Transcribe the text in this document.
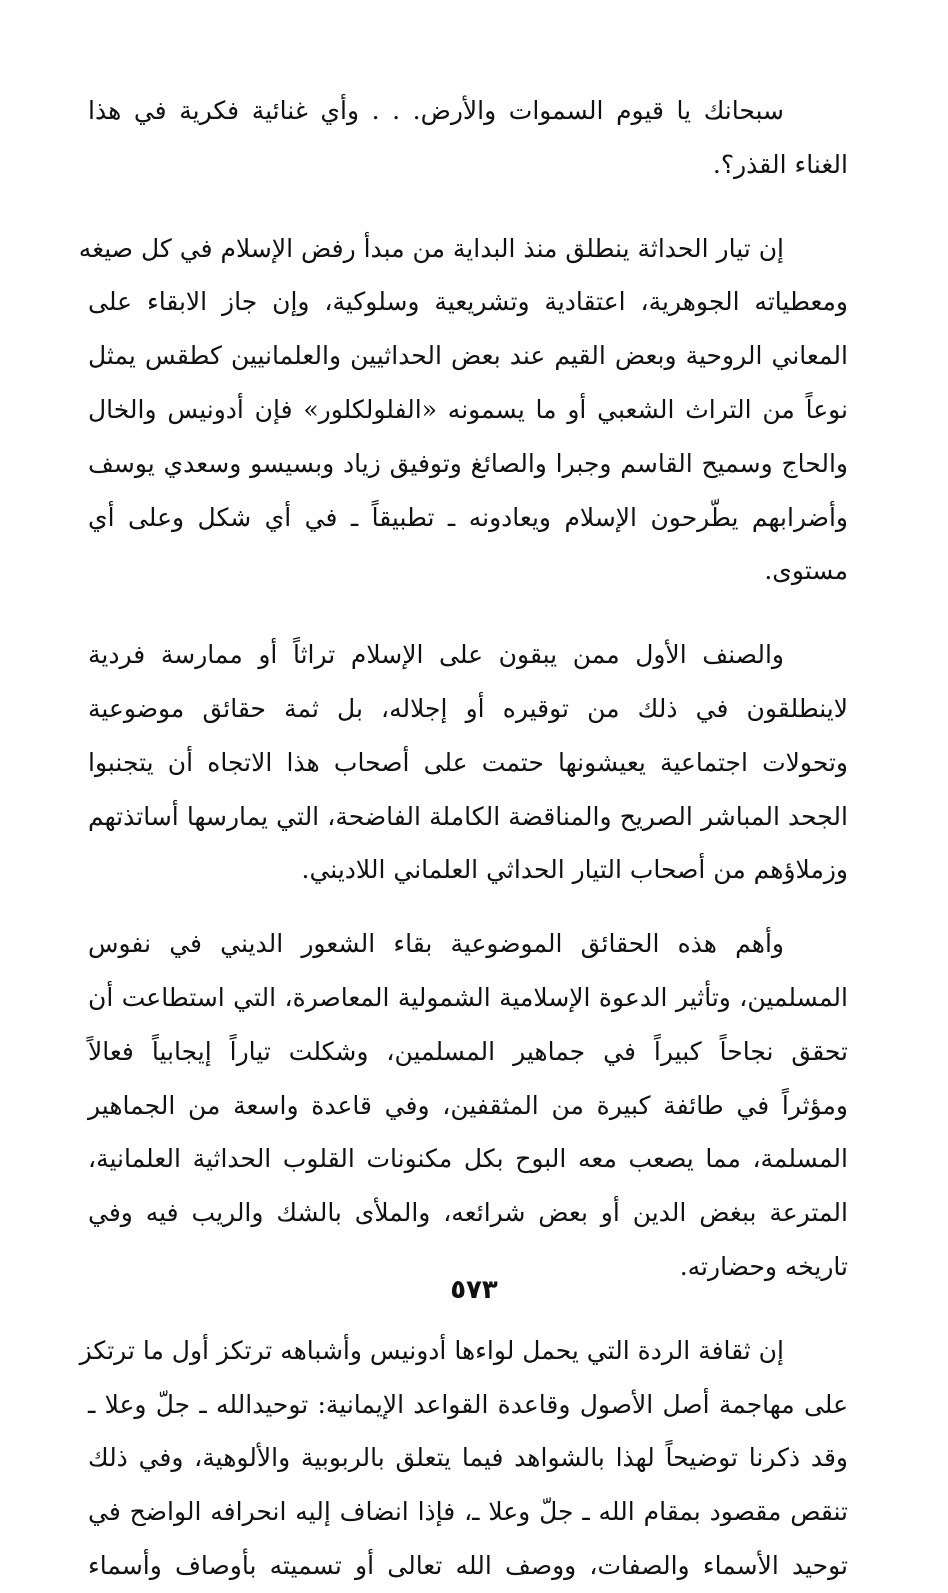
سبحانك يا قيوم السموات والأرض. . . وأي غنائية فكرية في هذا
الغناء القذر؟.

إن تيار الحداثة ينطلق منذ البداية من مبدأ رفض الإسلام في كل صيغه
ومعطياته الجوهرية، اعتقادية وتشريعية وسلوكية، وإن جاز الابقاء على
المعاني الروحية وبعض القيم عند بعض الحداثيين والعلمانيين كطقس يمثل
نوعاً من التراث الشعبي أو ما يسمونه «الفلولكلور» فإن أدونيس والخال
والحاج وسميح القاسم وجبرا والصائغ وتوفيق زياد وبسيسو وسعدي يوسف
وأضرابهم يطّرحون الإسلام ويعادونه ـ تطبيقاً ـ في أي شكل وعلى أي
مستوى.

والصنف الأول ممن يبقون على الإسلام تراثاً أو ممارسة فردية
لاينطلقون في ذلك من توقيره أو إجلاله، بل ثمة حقائق موضوعية
وتحولات اجتماعية يعيشونها حتمت على أصحاب هذا الاتجاه أن يتجنبوا
الجحد المباشر الصريح والمناقضة الكاملة الفاضحة، التي يمارسها أساتذتهم
وزملاؤهم من أصحاب التيار الحداثي العلماني اللاديني.

وأهم هذه الحقائق الموضوعية بقاء الشعور الديني في نفوس
المسلمين، وتأثير الدعوة الإسلامية الشمولية المعاصرة، التي استطاعت أن
تحقق نجاحاً كبيراً في جماهير المسلمين، وشكلت تياراً إيجابياً فعالاً
ومؤثراً في طائفة كبيرة من المثقفين، وفي قاعدة واسعة من الجماهير
المسلمة، مما يصعب معه البوح بكل مكنونات القلوب الحداثية العلمانية،
المترعة ببغض الدين أو بعض شرائعه، والملأى بالشك والريب فيه وفي
تاريخه وحضارته.

إن ثقافة الردة التي يحمل لواءها أدونيس وأشباهه ترتكز أول ما ترتكز
على مهاجمة أصل الأصول وقاعدة القواعد الإيمانية: توحيدالله ـ جلّ وعلا ـ
وقد ذكرنا توضيحاً لهذا بالشواهد فيما يتعلق بالربوبية والألوهية، وفي ذلك
تنقص مقصود بمقام الله ـ جلّ وعلا ـ، فإذا انضاف إليه انحرافه الواضح في
توحيد الأسماء والصفات، ووصف الله تعالى أو تسميته بأوصاف وأسماء

٥٧٣
